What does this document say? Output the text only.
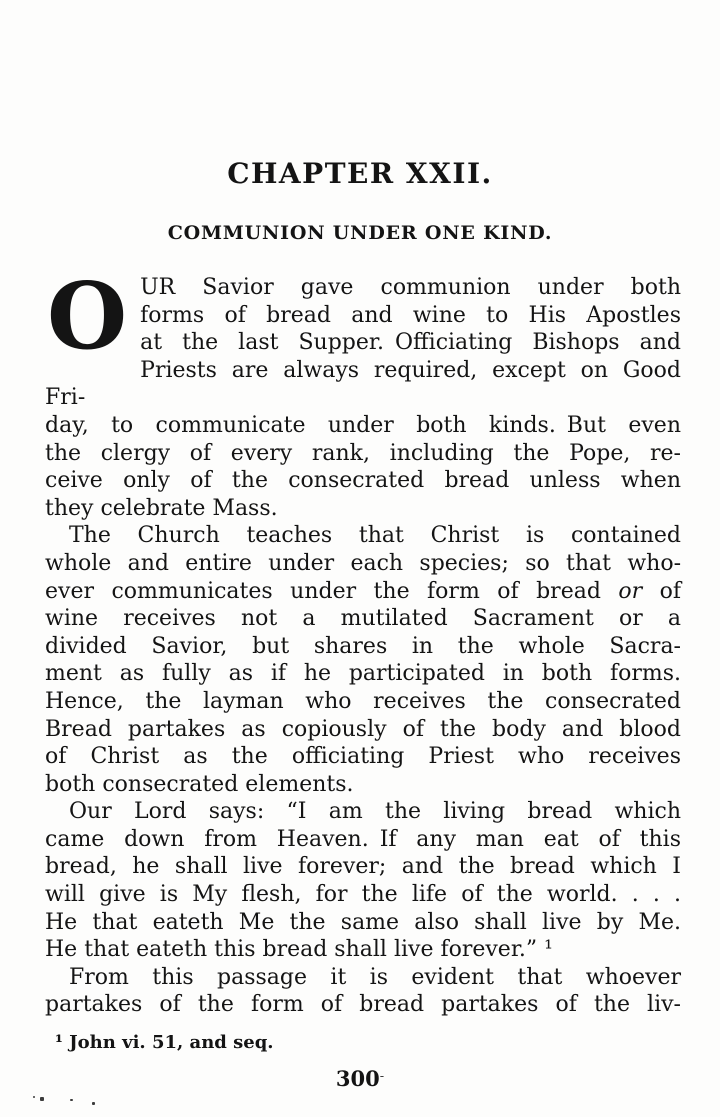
CHAPTER XXII.
COMMUNION UNDER ONE KIND.
O UR Savior gave communion under both
forms of bread and wine to His Apostles
at the last Supper. Officiating Bishops and
Priests are always required, except on Good Fri-
day, to communicate under both kinds. But even
the clergy of every rank, including the Pope, re-
ceive only of the consecrated bread unless when
they celebrate Mass.
The Church teaches that Christ is contained
whole and entire under each species; so that who-
ever communicates under the form of bread or of
wine receives not a mutilated Sacrament or a
divided Savior, but shares in the whole Sacra-
ment as fully as if he participated in both forms.
Hence, the layman who receives the consecrated
Bread partakes as copiously of the body and blood
of Christ as the officiating Priest who receives
both consecrated elements.
Our Lord says: “I am the living bread which
came down from Heaven. If any man eat of this
bread, he shall live forever; and the bread which I
will give is My flesh, for the life of the world. . . .
He that eateth Me the same also shall live by Me.
He that eateth this bread shall live forever.” ¹
From this passage it is evident that whoever
partakes of the form of bread partakes of the liv-
¹ John vi. 51, and seq.
300-
